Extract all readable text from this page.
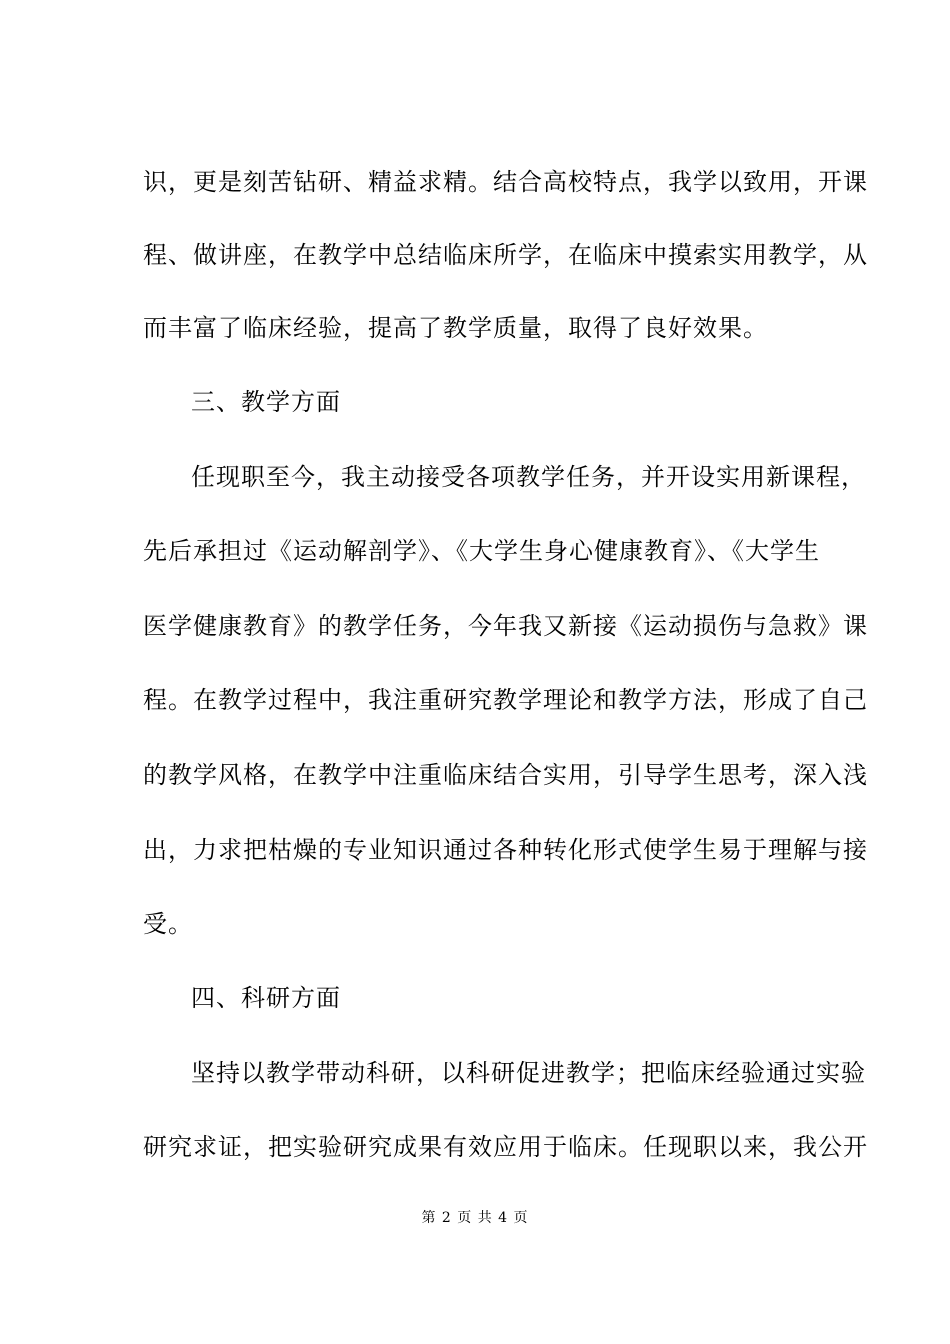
识，更是刻苦钻研、精益求精。结合高校特点，我学以致用，开课

程、做讲座，在教学中总结临床所学，在临床中摸索实用教学，从

而丰富了临床经验，提高了教学质量，取得了良好效果。

三、教学方面

任现职至今，我主动接受各项教学任务，并开设实用新课程，

先后承担过《运动解剖学》、《大学生身心健康教育》、《大学生

医学健康教育》的教学任务，今年我又新接《运动损伤与急救》课

程。在教学过程中，我注重研究教学理论和教学方法，形成了自己

的教学风格，在教学中注重临床结合实用，引导学生思考，深入浅

出，力求把枯燥的专业知识通过各种转化形式使学生易于理解与接

受。

四、科研方面

坚持以教学带动科研，以科研促进教学；把临床经验通过实验

研究求证，把实验研究成果有效应用于临床。任现职以来，我公开

第 2 页 共 4 页
